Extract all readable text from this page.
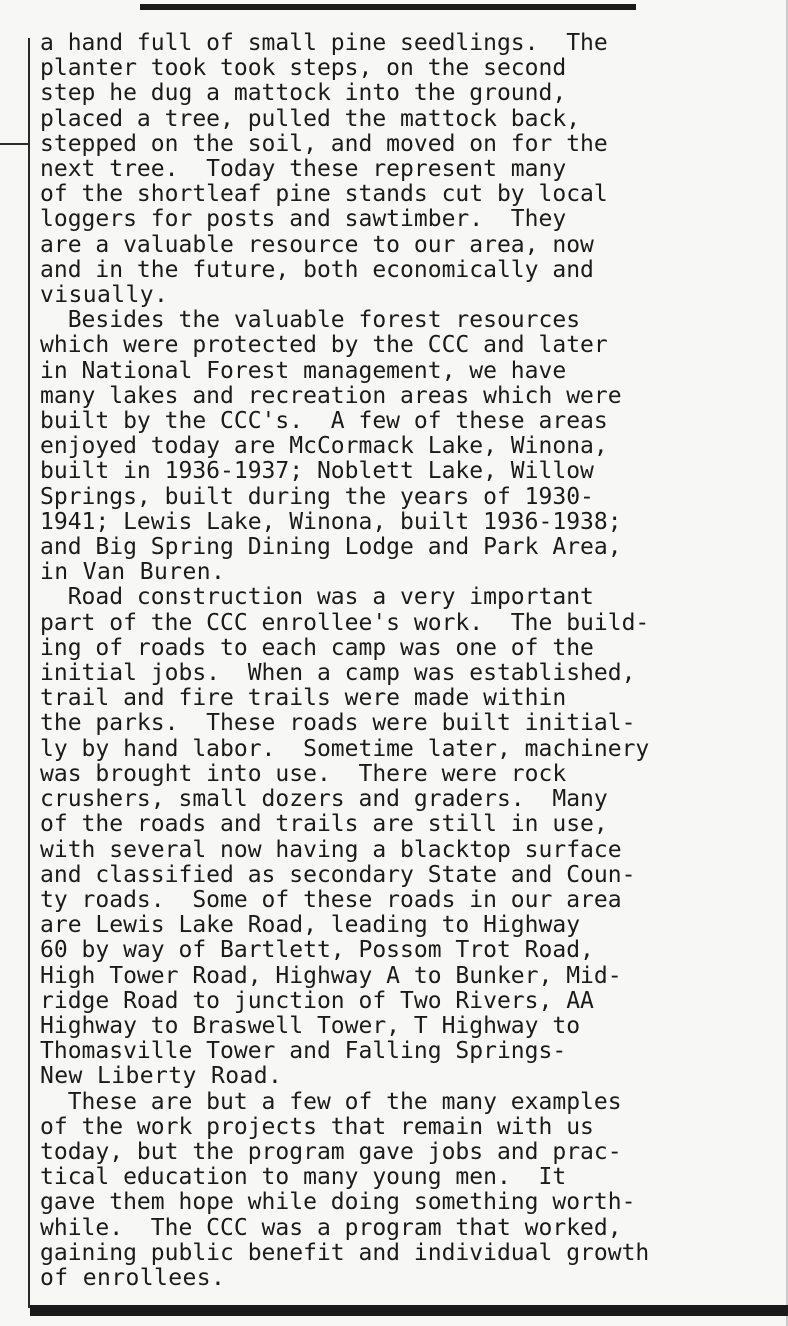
a hand full of small pine seedlings.  The
planter took took steps, on the second
step he dug a mattock into the ground,
placed a tree, pulled the mattock back,
stepped on the soil, and moved on for the
next tree.  Today these represent many
of the shortleaf pine stands cut by local
loggers for posts and sawtimber.  They
are a valuable resource to our area, now
and in the future, both economically and
visually.
Besides the valuable forest resources
which were protected by the CCC and later
in National Forest management, we have
many lakes and recreation areas which were
built by the CCC's.  A few of these areas
enjoyed today are McCormack Lake, Winona,
built in 1936-1937; Noblett Lake, Willow
Springs, built during the years of 1930-
1941; Lewis Lake, Winona, built 1936-1938;
and Big Spring Dining Lodge and Park Area,
in Van Buren.
Road construction was a very important
part of the CCC enrollee's work.  The build-
ing of roads to each camp was one of the
initial jobs.  When a camp was established,
trail and fire trails were made within
the parks.  These roads were built initial-
ly by hand labor.  Sometime later, machinery
was brought into use.  There were rock
crushers, small dozers and graders.  Many
of the roads and trails are still in use,
with several now having a blacktop surface
and classified as secondary State and Coun-
ty roads.  Some of these roads in our area
are Lewis Lake Road, leading to Highway
60 by way of Bartlett, Possom Trot Road,
High Tower Road, Highway A to Bunker, Mid-
ridge Road to junction of Two Rivers, AA
Highway to Braswell Tower, T Highway to
Thomasville Tower and Falling Springs-
New Liberty Road.
These are but a few of the many examples
of the work projects that remain with us
today, but the program gave jobs and prac-
tical education to many young men.  It
gave them hope while doing something worth-
while.  The CCC was a program that worked,
gaining public benefit and individual growth
of enrollees.
